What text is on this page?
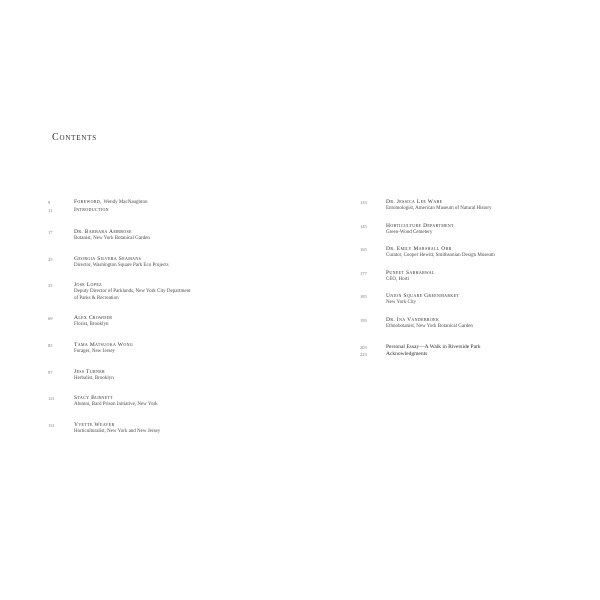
Contents
9	Foreword, Wendy MacNaughton
11	Introduction
17	Dr. Barbara Ambrose
Botanist, New York Botanical Garden
25	Georgia Silvera Seamans
Director, Washington Square Park Eco Projects
35	Jose Lopez
Deputy Director of Parklands, New York City Department
of Parks & Recreation
69	Alex Crowder
Florist, Brooklyn
83	Tama Matsuoka Wong
Forager, New Jersey
97	Jess Turner
Herbalist, Brooklyn
121	Stacy Burnett
Alumni, Bard Prison Initiative, New York
131	Yvette Weaver
Horticulturalist, New York and New Jersey
133	Dr. Jessica Lee Ware
Entomologist, American Museum of Natural History
145	Horticulture Department
Green-Wood Cemetery
165	Dr. Emily Marshall Orr
Curator, Cooper Hewitt, Smithsonian Design Museum
177	Puneet Sabharwal
CEO, Horti
185	Union Square Greenmarket
New York City
195	Dr. Ina Vandebroek
Ethnobotanist, New York Botanical Garden
203	Personal Essay—A Walk in Riverside Park
223	Acknowledgments
